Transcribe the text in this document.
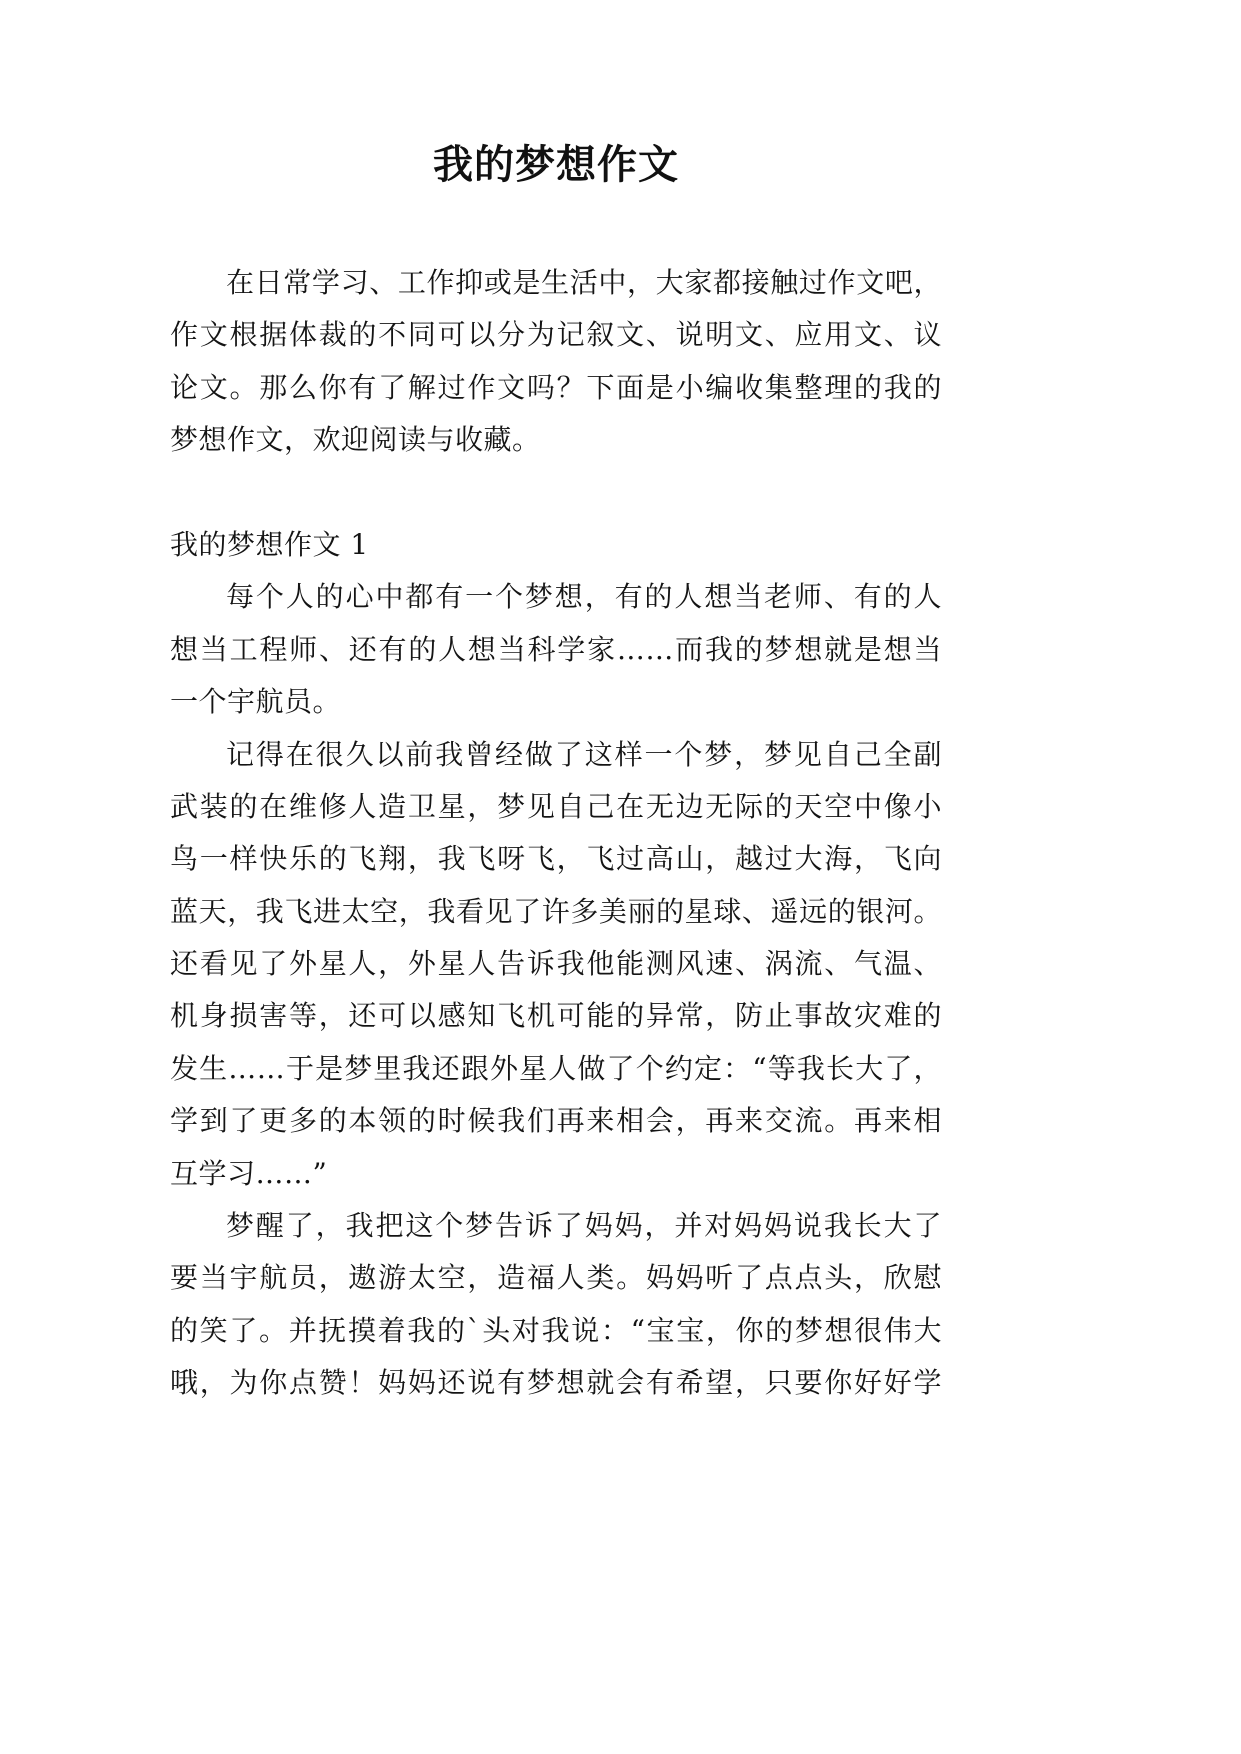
我的梦想作文
在日常学习、工作抑或是生活中，大家都接触过作文吧，
作文根据体裁的不同可以分为记叙文、说明文、应用文、议
论文。那么你有了解过作文吗？下面是小编收集整理的我的
梦想作文，欢迎阅读与收藏。
我的梦想作文 1
每个人的心中都有一个梦想，有的人想当老师、有的人
想当工程师、还有的人想当科学家……而我的梦想就是想当
一个宇航员。
记得在很久以前我曾经做了这样一个梦，梦见自己全副
武装的在维修人造卫星，梦见自己在无边无际的天空中像小
鸟一样快乐的飞翔，我飞呀飞，飞过高山，越过大海，飞向
蓝天，我飞进太空，我看见了许多美丽的星球、遥远的银河。
还看见了外星人，外星人告诉我他能测风速、涡流、气温、
机身损害等，还可以感知飞机可能的异常，防止事故灾难的
发生……于是梦里我还跟外星人做了个约定：“等我长大了，
学到了更多的本领的时候我们再来相会，再来交流。再来相
互学习……”
梦醒了，我把这个梦告诉了妈妈，并对妈妈说我长大了
要当宇航员，遨游太空，造福人类。妈妈听了点点头，欣慰
的笑了。并抚摸着我的`头对我说：“宝宝，你的梦想很伟大
哦，为你点赞！妈妈还说有梦想就会有希望，只要你好好学
